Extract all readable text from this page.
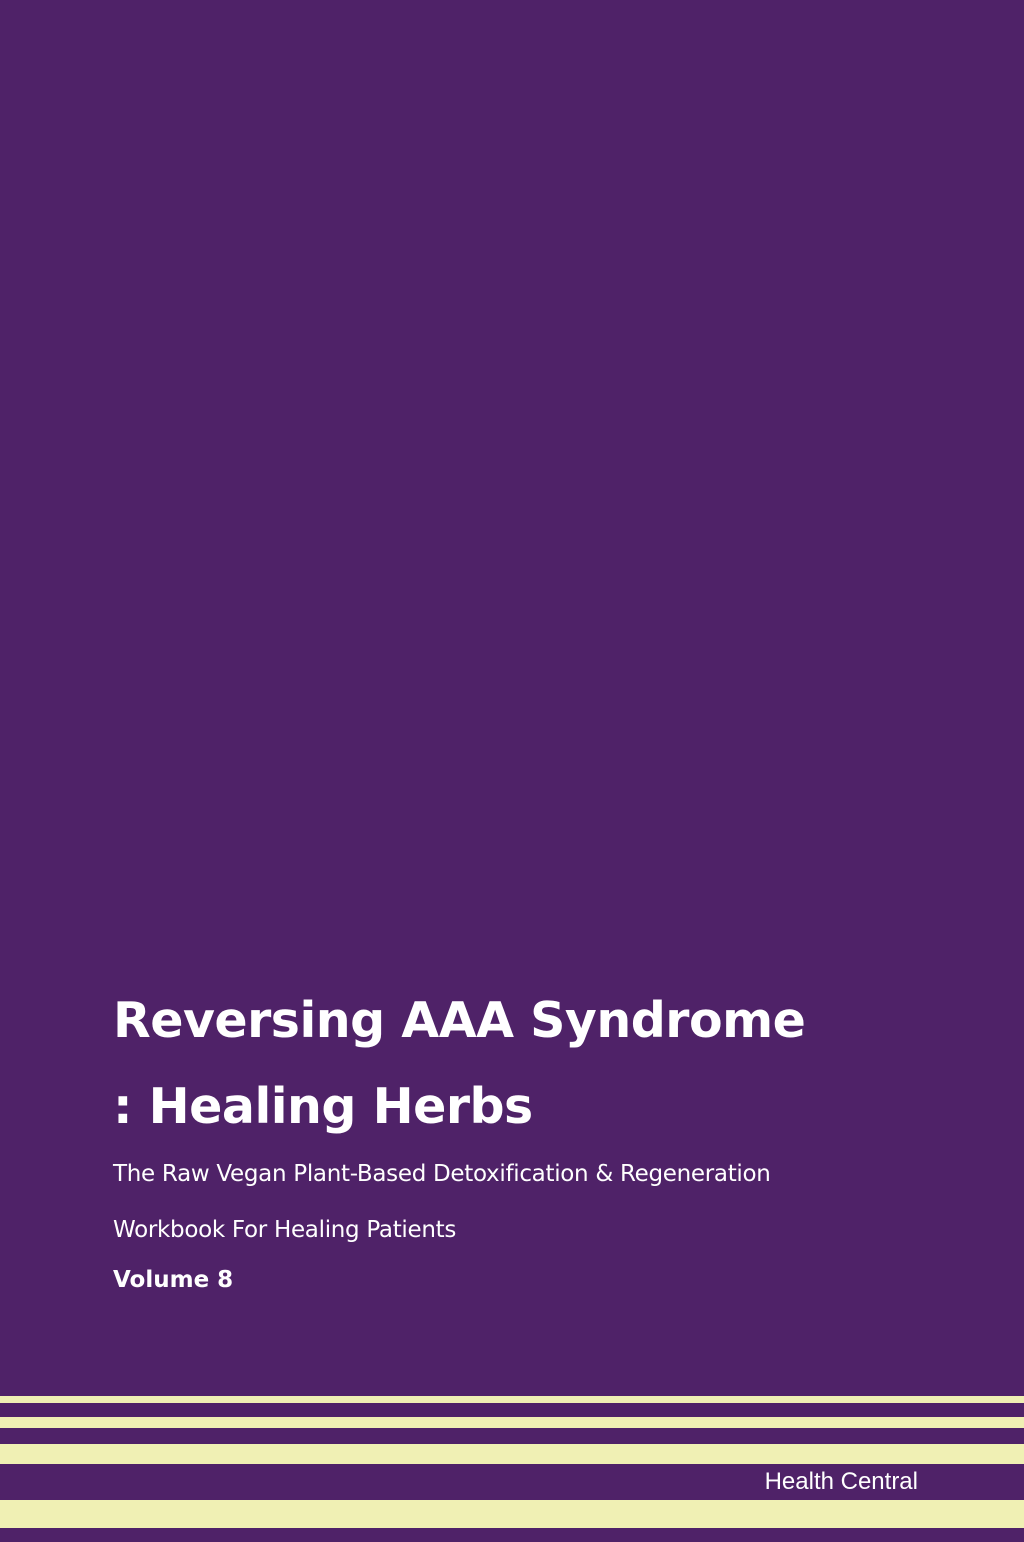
Reversing AAA Syndrome
: Healing Herbs

The Raw Vegan Plant-Based Detoxification & Regeneration
Workbook For Healing Patients

Volume 8

Health Central
